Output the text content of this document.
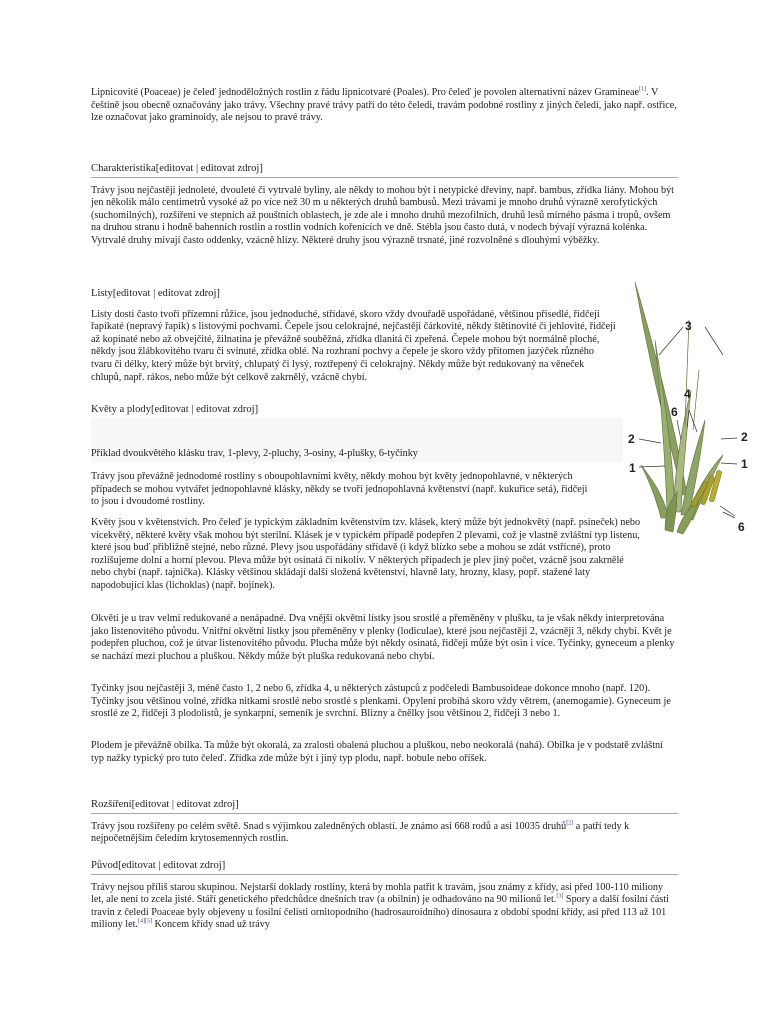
Lipnicovité (Poaceae) je čeleď jednoděložných rostlin z řádu lipnicotvaré (Poales). Pro čeleď je povolen alternativní název Gramineae[1]. V češtině jsou obecně označovány jako trávy. Všechny pravé trávy patří do této čeledi, travám podobné rostliny z jiných čeledí, jako např. ostřice, lze označovat jako graminoidy, ale nejsou to pravé trávy.

Charakteristika[editovat | editovat zdroj]

Trávy jsou nejčastěji jednoleté, dvouleté či vytrvalé byliny, ale někdy to mohou být i netypické dřeviny, např. bambus, zřídka liány. Mohou být jen několik málo centimetrů vysoké až po více než 30 m u některých druhů bambusů. Mezi trávami je mnoho druhů výrazně xerofytických (suchomilných), rozšířeni ve stepních až pouštních oblastech, je zde ale i mnoho druhů mezofilních, druhů lesů mírného pásma i tropů, ovšem na druhou stranu i hodně bahenních rostlin a rostlin vodních kořenících ve dně. Stébla jsou často dutá, v nodech bývají výrazná kolénka. Vytrvalé druhy mívají často oddenky, vzácně hlízy. Některé druhy jsou výrazně trsnaté, jiné rozvolněné s dlouhými výběžky.

Listy[editovat | editovat zdroj]

Listy dosti často tvoří přízemní růžice, jsou jednoduché, střídavé, skoro vždy dvouřadě uspořádané, většinou přisedlé, řidčeji řapíkaté (nepravý řapík) s listovými pochvami. Čepele jsou celokrajné, nejčastěji čárkovité, někdy štětinovité či jehlovité, řidčeji až kopinaté nebo až obvejčité, žilnatina je převážně souběžná, zřídka dlanitá či zpeřená. Čepele mohou být normálně ploché, někdy jsou žlábkovitého tvaru či svinuté, zřídka oblé. Na rozhraní pochvy a čepele je skoro vždy přítomen jazýček různého tvaru či délky, který může být brvitý, chlupatý či lysý, roztřepený či celokrajný. Někdy může být redukovaný na věneček chlupů, např. rákos, nebo může být celkově zakrnělý, vzácně chybí.

Květy a plody[editovat | editovat zdroj]

Příklad dvoukvětého klásku trav, 1-plevy, 2-pluchy, 3-osiny, 4-plušky, 6-tyčinky

Trávy jsou převážně jednodomé rostliny s oboupohlavními květy, někdy mohou být květy jednopohlavné, v některých případech se mohou vytvářet jednopohlavné klásky, někdy se tvoří jednopohlavná květenství (např. kukuřice setá), řidčeji to jsou i dvoudomé rostliny.

Květy jsou v květenstvích. Pro čeleď je typickým základním květenstvím tzv. klásek, který může být jednokvětý (např. psineček) nebo vícekvětý, některé květy však mohou být sterilní. Klásek je v typickém případě podepřen 2 plevami, což je vlastně zvláštní typ listenu, které jsou buď přibližně stejné, nebo různé. Plevy jsou uspořádány střídavě (i když blízko sebe a mohou se zdát vstřícné), proto rozlišujeme dolní a horní plevou. Pleva může být osinatá či nikoliv. V některých případech je plev jiný počet, vzácně jsou zakrnělé nebo chybí (např. tajnička). Klásky většinou skládají další složená květenství, hlavně laty, hrozny, klasy, popř. stažené laty napodobující klas (lichoklas) (např. bojínek).

Okvětí je u trav velmi redukované a nenápadné. Dva vnější okvětní lístky jsou srostlé a přeměněny v plušku, ta je však někdy interpretována jako listenovitého původu. Vnitřní okvětní lístky jsou přeměněny v plenky (lodiculae), které jsou nejčastěji 2, vzácněji 3, někdy chybí. Květ je podepřen pluchou, což je útvar listenovitého původu. Plucha může být někdy osinatá, řidčeji může být osin i více. Tyčinky, gyneceum a plenky se nachází mezi pluchou a pluškou. Někdy může být pluška redukovaná nebo chybí.

Tyčinky jsou nejčastěji 3, méně často 1, 2 nebo 6, zřídka 4, u některých zástupců z podčeledi Bambusoideae dokonce mnoho (např. 120). Tyčinky jsou většinou volné, zřídka nitkami srostlé nebo srostlé s plenkami. Opylení probíhá skoro vždy větrem, (anemogamie). Gyneceum je srostlé ze 2, řidčeji 3 plodolistů, je synkarpní, semeník je svrchní. Blizny a čnělky jsou většinou 2, řidčeji 3 nebo 1.

Plodem je převážně obilka. Ta může být okoralá, za zralosti obalená pluchou a pluškou, nebo neokoralá (nahá). Obilka je v podstatě zvláštní typ nažky typický pro tuto čeleď. Zřídka zde může být i jiný typ plodu, např. bobule nebo oříšek.

Rozšíření[editovat | editovat zdroj]

Trávy jsou rozšířeny po celém světě. Snad s výjimkou zaledněných oblastí. Je známo asi 668 rodů a asi 10035 druhů[2] a patří tedy k nejpočetnějším čeledím krytosemenných rostlin.

Původ[editovat | editovat zdroj]

Trávy nejsou příliš starou skupinou. Nejstarší doklady rostliny, která by mohla patřit k travám, jsou známy z křídy, asi před 100-110 miliony let, ale není to zcela jisté. Stáří genetického předchůdce dnešních trav (a obilnin) je odhadováno na 90 milionů let.[3] Spory a další fosilní části travin z čeledi Poaceae byly objeveny u fosilní čelisti ornitopodního (hadrosauroidního) dinosaura z období spodní křídy, asi před 113 až 101 miliony let.[4][5] Koncem křídy snad už trávy

3
4
6
2	2
1	1
6
